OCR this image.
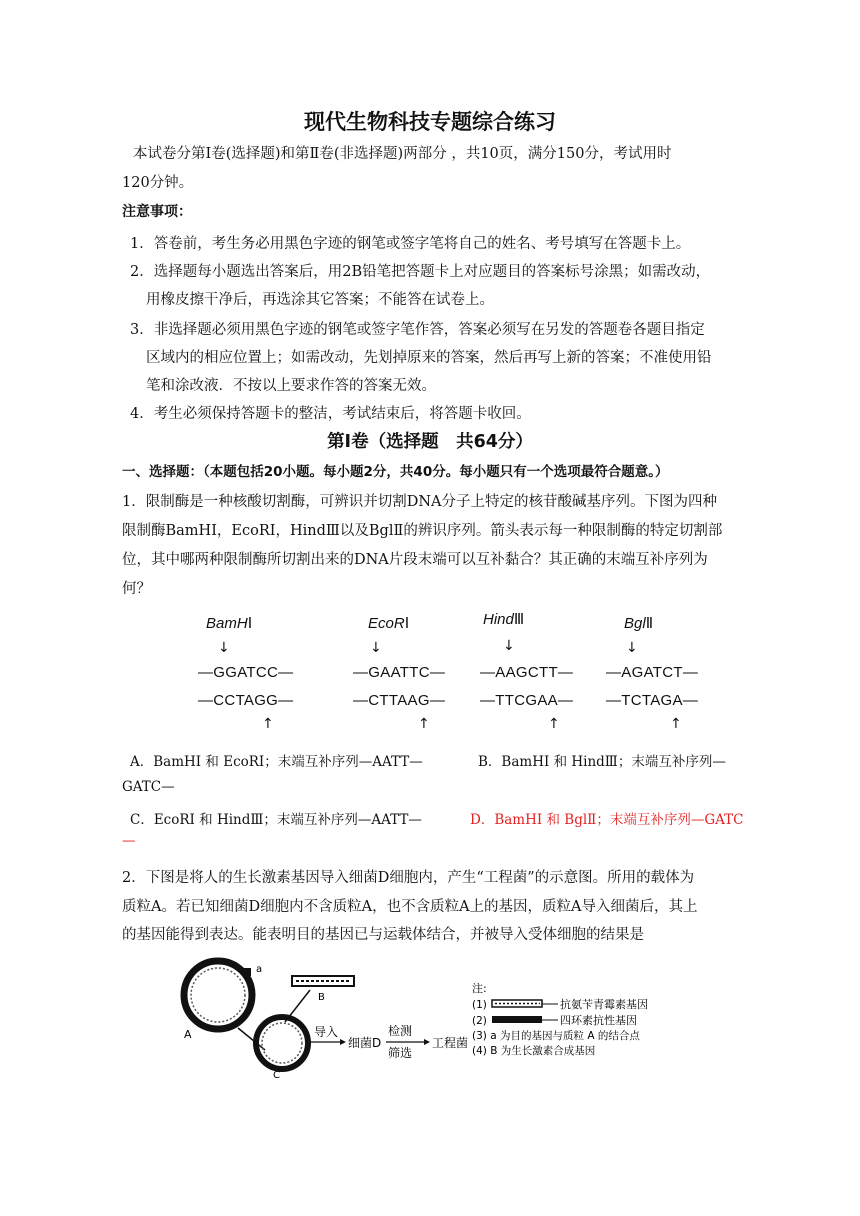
现代生物科技专题综合练习
本试卷分第Ⅰ卷(选择题)和第Ⅱ卷(非选择题)两部分 ，共10页，满分150分，考试用时
120分钟。
注意事项：
1．答卷前，考生务必用黑色字迹的钢笔或签字笔将自己的姓名、考号填写在答题卡上。
2．选择题每小题选出答案后，用2B铅笔把答题卡上对应题目的答案标号涂黑；如需改动，
用橡皮擦干净后，再选涂其它答案；不能答在试卷上。
3．非选择题必须用黑色字迹的钢笔或签字笔作答，答案必须写在另发的答题卷各题目指定
区域内的相应位置上；如需改动，先划掉原来的答案，然后再写上新的答案；不准使用铅
笔和涂改液．不按以上要求作答的答案无效。
4．考生必须保持答题卡的整洁，考试结束后，将答题卡收回。
第Ⅰ卷（选择题　共64分）
一、选择题：（本题包括20小题。每小题2分，共40分。每小题只有一个选项最符合题意。）
1．限制酶是一种核酸切割酶，可辨识并切割DNA分子上特定的核苷酸碱基序列。下图为四种
限制酶BamHⅠ，EcoRⅠ，HindⅢ以及BglⅡ的辨识序列。箭头表示每一种限制酶的特定切割部
位，其中哪两种限制酶所切割出来的DNA片段末端可以互补黏合？其正确的末端互补序列为
何？
BamHⅠ	EcoRⅠ	HindⅢ	BglⅡ
↓	↓	↓	↓
—GGATCC—	—GAATTC— —AAGCTT— —AGATCT—
—CCTAGG—	—CTTAAG— —TTCGAA— —TCTAGA—
↑	↑	↑	↑
A．BamHⅠ 和 EcoRⅠ；末端互补序列—AATT—	B．BamHⅠ 和 HindⅢ；末端互补序列—
GATC—
C．EcoRⅠ 和 HindⅢ；末端互补序列—AATT—	D．BamHⅠ 和 BglⅡ；末端互补序列—GATC
—
2．下图是将人的生长激素基因导入细菌D细胞内，产生“工程菌”的示意图。所用的载体为
质粒A。若已知细菌D细胞内不含质粒A，也不含质粒A上的基因，质粒A导入细菌后，其上
的基因能得到表达。能表明目的基因已与运载体结合，并被导入受体细胞的结果是
a
A
B
C
导入
细菌D
检测
筛选
工程菌
注:
(1)	抗氨苄青霉素基因
(2)	四环素抗性基因
(3) a 为目的基因与质粒 A 的结合点
(4) B 为生长激素合成基因
